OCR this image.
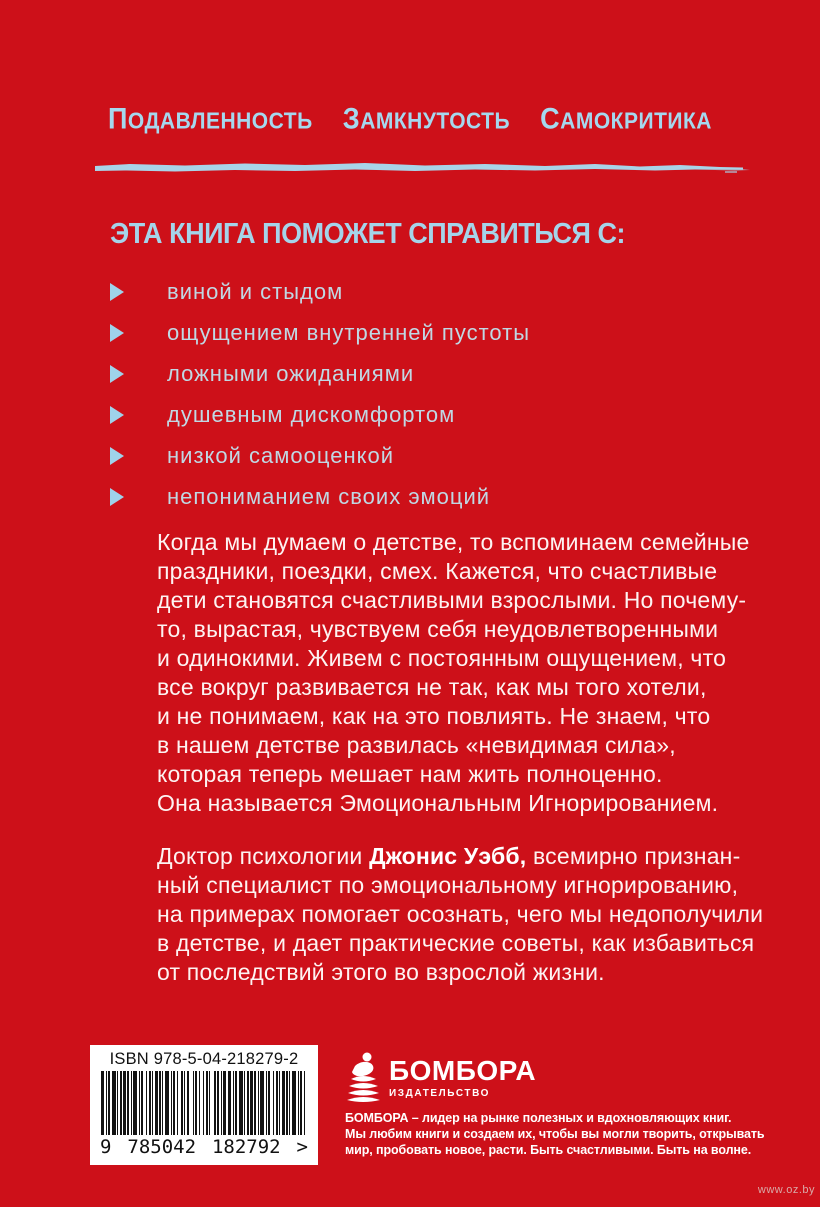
ПОДАВЛЕННОСТЬ ЗАМКНУТОСТЬ САМОКРИТИКА
ЭТА КНИГА ПОМОЖЕТ СПРАВИТЬСЯ С:
виной и стыдом
ощущением внутренней пустоты
ложными ожиданиями
душевным дискомфортом
низкой самооценкой
непониманием своих эмоций
Когда мы думаем о детстве, то вспоминаем семейные
праздники, поездки, смех. Кажется, что счастливые
дети становятся счастливыми взрослыми. Но почему-
то, вырастая, чувствуем себя неудовлетворенными
и одинокими. Живем с постоянным ощущением, что
все вокруг развивается не так, как мы того хотели,
и не понимаем, как на это повлиять. Не знаем, что
в нашем детстве развилась «невидимая сила»,
которая теперь мешает нам жить полноценно.
Она называется Эмоциональным Игнорированием.
Доктор психологии Джонис Уэбб, всемирно признан-
ный специалист по эмоциональному игнорированию,
на примерах помогает осознать, чего мы недополучили
в детстве, и дает практические советы, как избавиться
от последствий этого во взрослой жизни.
ISBN 978-5-04-218279-2
9 785042 182792 >
БОМБОРА
ИЗДАТЕЛЬСТВО
БОМБОРА – лидер на рынке полезных и вдохновляющих книг.
Мы любим книги и создаем их, чтобы вы могли творить, открывать
мир, пробовать новое, расти. Быть счастливыми. Быть на волне.
www.oz.by
